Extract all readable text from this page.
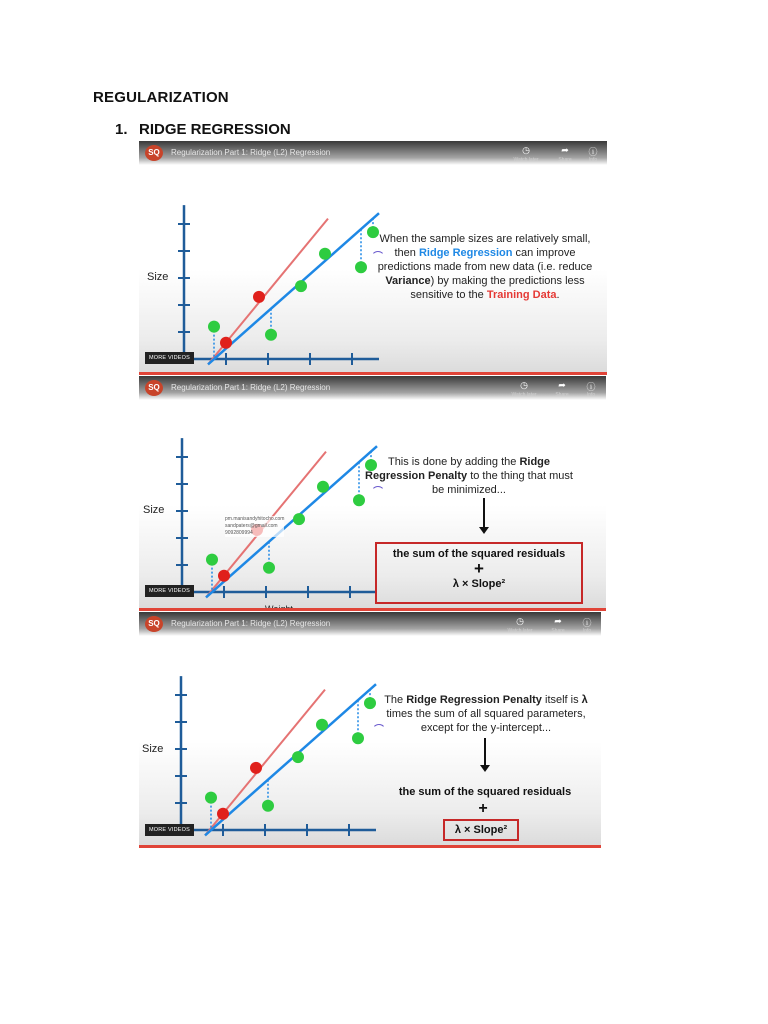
REGULARIZATION
1. RIDGE REGRESSION
SQ	Regularization Part 1: Ridge (L2) Regression	◷
Watch later
➦
Share
ⓘ
Info
Size
When the sample sizes are relatively small, then Ridge Regression can improve predictions made from new data (i.e. reduce Variance) by making the predictions less sensitive to the Training Data.
MORE VIDEOS
SQ	Regularization Part 1: Ridge (L2) Regression	◷
Watch later
➦
Share
ⓘ
Info
Size
pm.manisandyhitocho.com
sandpaters@gmail.com
9092809994
This is done by adding the Ridge Regression Penalty to the thing that must be minimized...
the sum of the squared residuals
+
λ × Slope²
MORE VIDEOS
SQ	Regularization Part 1: Ridge (L2) Regression	◷
Watch later
➦
Share
ⓘ
Info
Size
The Ridge Regression Penalty itself is λ times the sum of all squared parameters, except for the y-intercept...
the sum of the squared residuals
+
λ × Slope²
MORE VIDEOS
